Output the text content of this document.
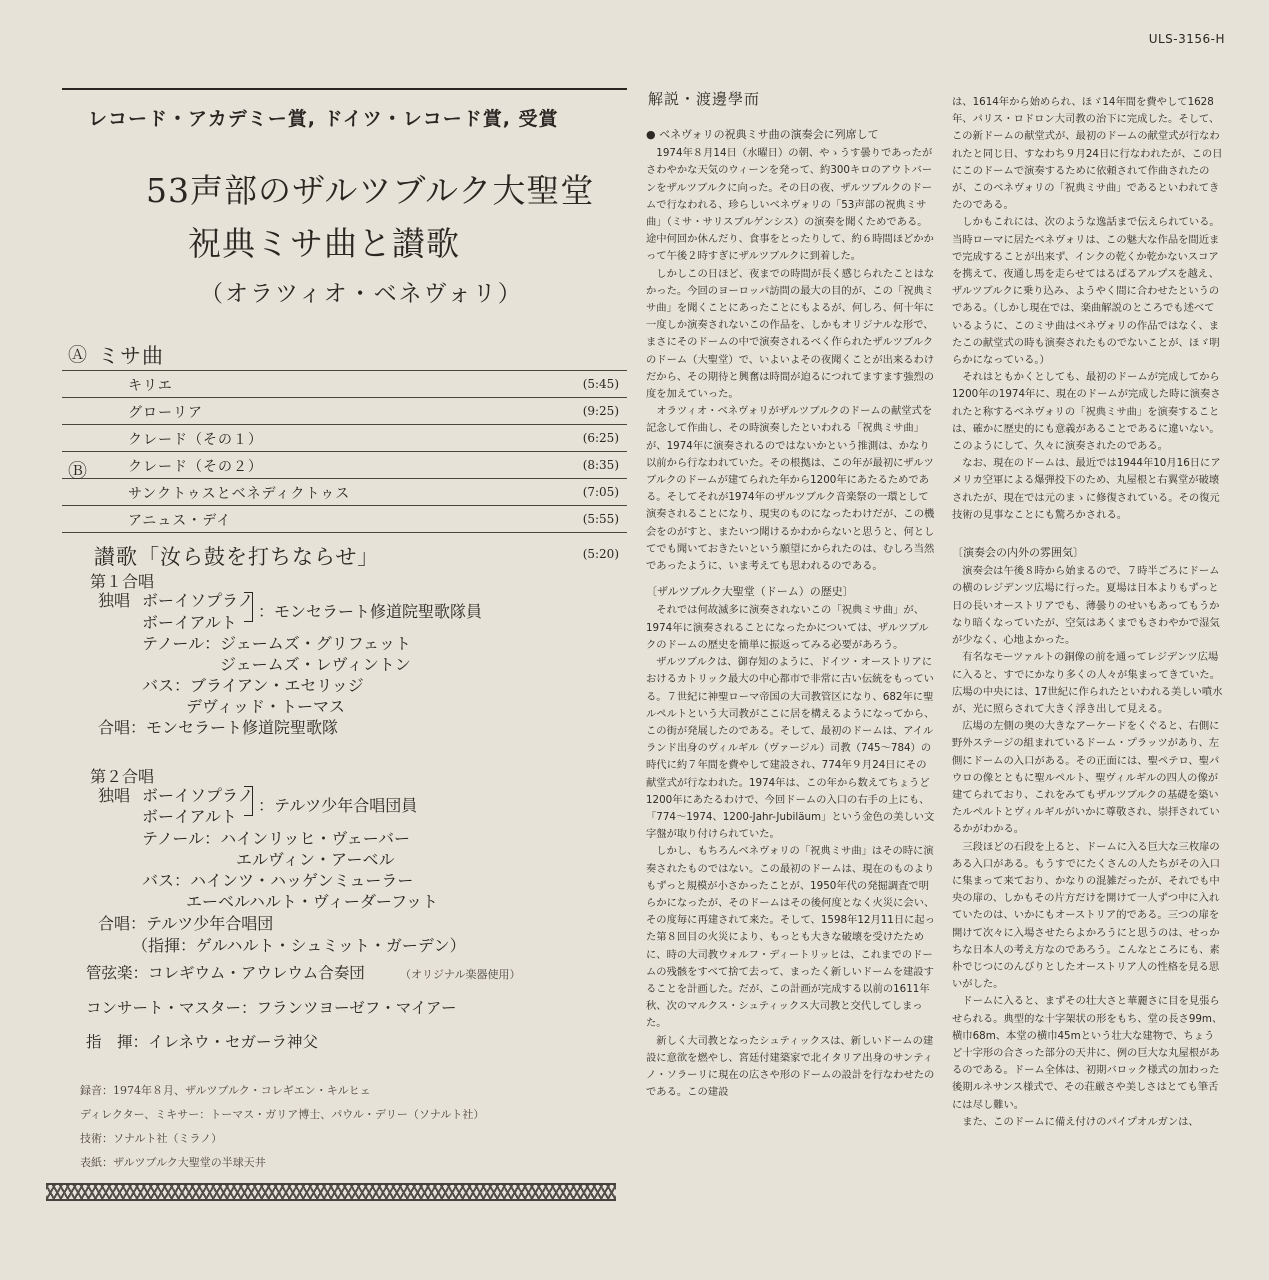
ULS-3156-H
レコード・アカデミー賞, ドイツ・レコード賞, 受賞
53声部のザルツブルク大聖堂
祝典ミサ曲と讃歌
（オラツィオ・ベネヴォリ）
Ⓐ ミサ曲
キリエ	(5:45)
グローリア	(9:25)
クレード（その１）	(6:25)
Ⓑ	クレード（その２）	(8:35)
サンクトゥスとベネディクトゥス	(7:05)
アニュス・デイ	(5:55)
讃歌「汝ら鼓を打ちならせ」	(5:20)
第１合唱
独唱 ボーイソプラノ
ボーイアルト
：モンセラート修道院聖歌隊員
テノール：ジェームズ・グリフェット
ジェームズ・レヴィントン
バス：ブライアン・エセリッジ
デヴィッド・トーマス
合唱：モンセラート修道院聖歌隊
第２合唱
独唱 ボーイソプラノ
ボーイアルト
：テルツ少年合唱団員
テノール：ハインリッヒ・ヴェーバー
エルヴィン・アーベル
バス：ハインツ・ハッゲンミューラー
エーベルハルト・ヴィーダーフット
合唱：テルツ少年合唱団
（指揮：ゲルハルト・シュミット・ガーデン）
管弦楽：コレギウム・アウレウム合奏団	（オリジナル楽器使用）
コンサート・マスター：フランツヨーゼフ・マイアー
指　揮：イレネウ・セガーラ神父
録音：1974年８月、ザルツブルク・コレギエン・キルヒェ
ディレクター、ミキサー：トーマス・ガリア博士、パウル・デリー（ソナルト社）
技術：ソナルト社（ミラノ）
表紙：ザルツブルク大聖堂の半球天井
解説・渡邊學而
● ベネヴォリの祝典ミサ曲の演奏会に列席して

1974年８月14日（水曜日）の朝、やゝうす曇りであったがさわやかな天気のウィーンを発って、約300キロのアウトバーンをザルツブルクに向った。その日の夜、ザルツブルクのドームで行なわれる、珍らしいベネヴォリの「53声部の祝典ミサ曲」（ミサ・サリスブルゲンシス）の演奏を聞くためである。途中何回か休んだり、食事をとったりして、約６時間ほどかかって午後２時すぎにザルツブルクに到着した。

しかしこの日ほど、夜までの時間が長く感じられたことはなかった。今回のヨーロッパ訪問の最大の目的が、この「祝典ミサ曲」を聞くことにあったことにもよるが、何しろ、何十年に一度しか演奏されないこの作品を、しかもオリジナルな形で、まさにそのドームの中で演奏されるべく作られたザルツブルクのドーム（大聖堂）で、いよいよその夜聞くことが出来るわけだから、その期待と興奮は時間が迫るにつれてますます強烈の度を加えていった。

オラツィオ・ベネヴォリがザルツブルクのドームの献堂式を記念して作曲し、その時演奏したといわれる「祝典ミサ曲」が、1974年に演奏されるのではないかという推測は、かなり以前から行なわれていた。その根拠は、この年が最初にザルツブルクのドームが建てられた年から1200年にあたるためである。そしてそれが1974年のザルツブルク音楽祭の一環として演奏されることになり、現実のものになったわけだが、この機会をのがすと、またいつ聞けるかわからないと思うと、何としてでも聞いておきたいという願望にかられたのは、むしろ当然であったように、いま考えても思われるのである。

〔ザルツブルク大聖堂（ドーム）の歴史〕

それでは何故滅多に演奏されないこの「祝典ミサ曲」が、1974年に演奏されることになったかについては、ザルツブルクのドームの歴史を簡単に振返ってみる必要があろう。

ザルツブルクは、御存知のように、ドイツ・オーストリアにおけるカトリック最大の中心都市で非常に古い伝統をもっている。７世紀に神聖ローマ帝国の大司教管区になり、682年に聖ルペルトという大司教がここに居を構えるようになってから、この街が発展したのである。そして、最初のドームは、アイルランド出身のヴィルギル（ヴァージル）司教（745～784）の時代に約７年間を費やして建設され、774年９月24日にその献堂式が行なわれた。1974年は、この年から数えてちょうど1200年にあたるわけで、今回ドームの入口の右手の上にも、「774～1974、1200-Jahr-Jubiläum」という金色の美しい文字盤が取り付けられていた。

しかし、もちろんベネヴォリの「祝典ミサ曲」はその時に演奏されたものではない。この最初のドームは、現在のものよりもずっと規模が小さかったことが、1950年代の発掘調査で明らかになったが、そのドームはその後何度となく火災に会い、その度毎に再建されて来た。そして、1598年12月11日に起った第８回目の火災により、もっとも大きな破壊を受けたために、時の大司教ウォルフ・ディートリッヒは、これまでのドームの残骸をすべて捨て去って、まったく新しいドームを建設することを計画した。だが、この計画が完成する以前の1611年秋、次のマルクス・シュティックス大司教と交代してしまった。

新しく大司教となったシュティックスは、新しいドームの建設に意欲を燃やし、宮廷付建築家で北イタリア出身のサンティノ・ソラーリに現在の広さや形のドームの設計を行なわせたのである。この建設

は、1614年から始められ、ほゞ14年間を費やして1628年、パリス・ロドロン大司教の治下に完成した。そして、この新ドームの献堂式が、最初のドームの献堂式が行なわれたと同じ日、すなわち９月24日に行なわれたが、この日にこのドームで演奏するために依頼されて作曲されたのが、このベネヴォリの「祝典ミサ曲」であるといわれてきたのである。

しかもこれには、次のような逸話まで伝えられている。当時ローマに居たベネヴォリは、この魅大な作品を間近まで完成することが出来ず、インクの乾くか乾かないスコアを携えて、夜通し馬を走らせてはるばるアルプスを越え、ザルツブルクに乗り込み、ようやく間に合わせたというのである。（しかし現在では、楽曲解説のところでも述べているように、このミサ曲はベネヴォリの作品ではなく、またこの献堂式の時も演奏されたものでないことが、ほゞ明らかになっている。）

それはともかくとしても、最初のドームが完成してから1200年の1974年に、現在のドームが完成した時に演奏されたと称するベネヴォリの「祝典ミサ曲」を演奏することは、確かに歴史的にも意義があることであるに違いない。このようにして、久々に演奏されたのである。

なお、現在のドームは、最近では1944年10月16日にアメリカ空軍による爆弾投下のため、丸屋根と右翼堂が破壊されたが、現在では元のまゝに修復されている。その復元技術の見事なことにも驚ろかされる。

〔演奏会の内外の雰囲気〕

演奏会は午後８時から始まるので、７時半ごろにドームの横のレジデンツ広場に行った。夏場は日本よりもずっと日の長いオーストリアでも、薄曇りのせいもあってもうかなり暗くなっていたが、空気はあくまでもさわやかで湿気が少なく、心地よかった。

有名なモーツァルトの銅像の前を通ってレジデンツ広場に入ると、すでにかなり多くの人々が集まってきていた。広場の中央には、17世紀に作られたといわれる美しい噴水が、光に照らされて大きく浮き出して見える。

広場の左側の奥の大きなアーケードをくぐると、右側に野外ステージの組まれているドーム・プラッツがあり、左側にドームの入口がある。その正面には、聖ペテロ、聖パウロの像とともに聖ルペルト、聖ヴィルギルの四人の像が建てられており、これをみてもザルツブルクの基礎を築いたルペルトとヴィルギルがいかに尊敬され、崇拝されているかがわかる。

三段ほどの石段を上ると、ドームに入る巨大な三枚扉のある入口がある。もうすでにたくさんの人たちがその入口に集まって来ており、かなりの混雑だったが、それでも中央の扉の、しかもその片方だけを開けて一人ずつ中に入れていたのは、いかにもオーストリア的である。三つの扉を開けて次々に入場させたらよかろうにと思うのは、せっかちな日本人の考え方なのであろう。こんなところにも、素朴でじつにのんびりとしたオーストリア人の性格を見る思いがした。

ドームに入ると、まずその壮大さと華麗さに目を見張らせられる。典型的な十字架状の形をもち、堂の長さ99m、横巾68m、本堂の横巾45mという壮大な建物で、ちょうど十字形の合さった部分の天井に、例の巨大な丸屋根があるのである。ドーム全体は、初期バロック様式の加わった後期ルネサンス様式で、その荘厳さや美しさはとても筆舌には尽し難い。

また、このドームに備え付けのパイプオルガンは、
